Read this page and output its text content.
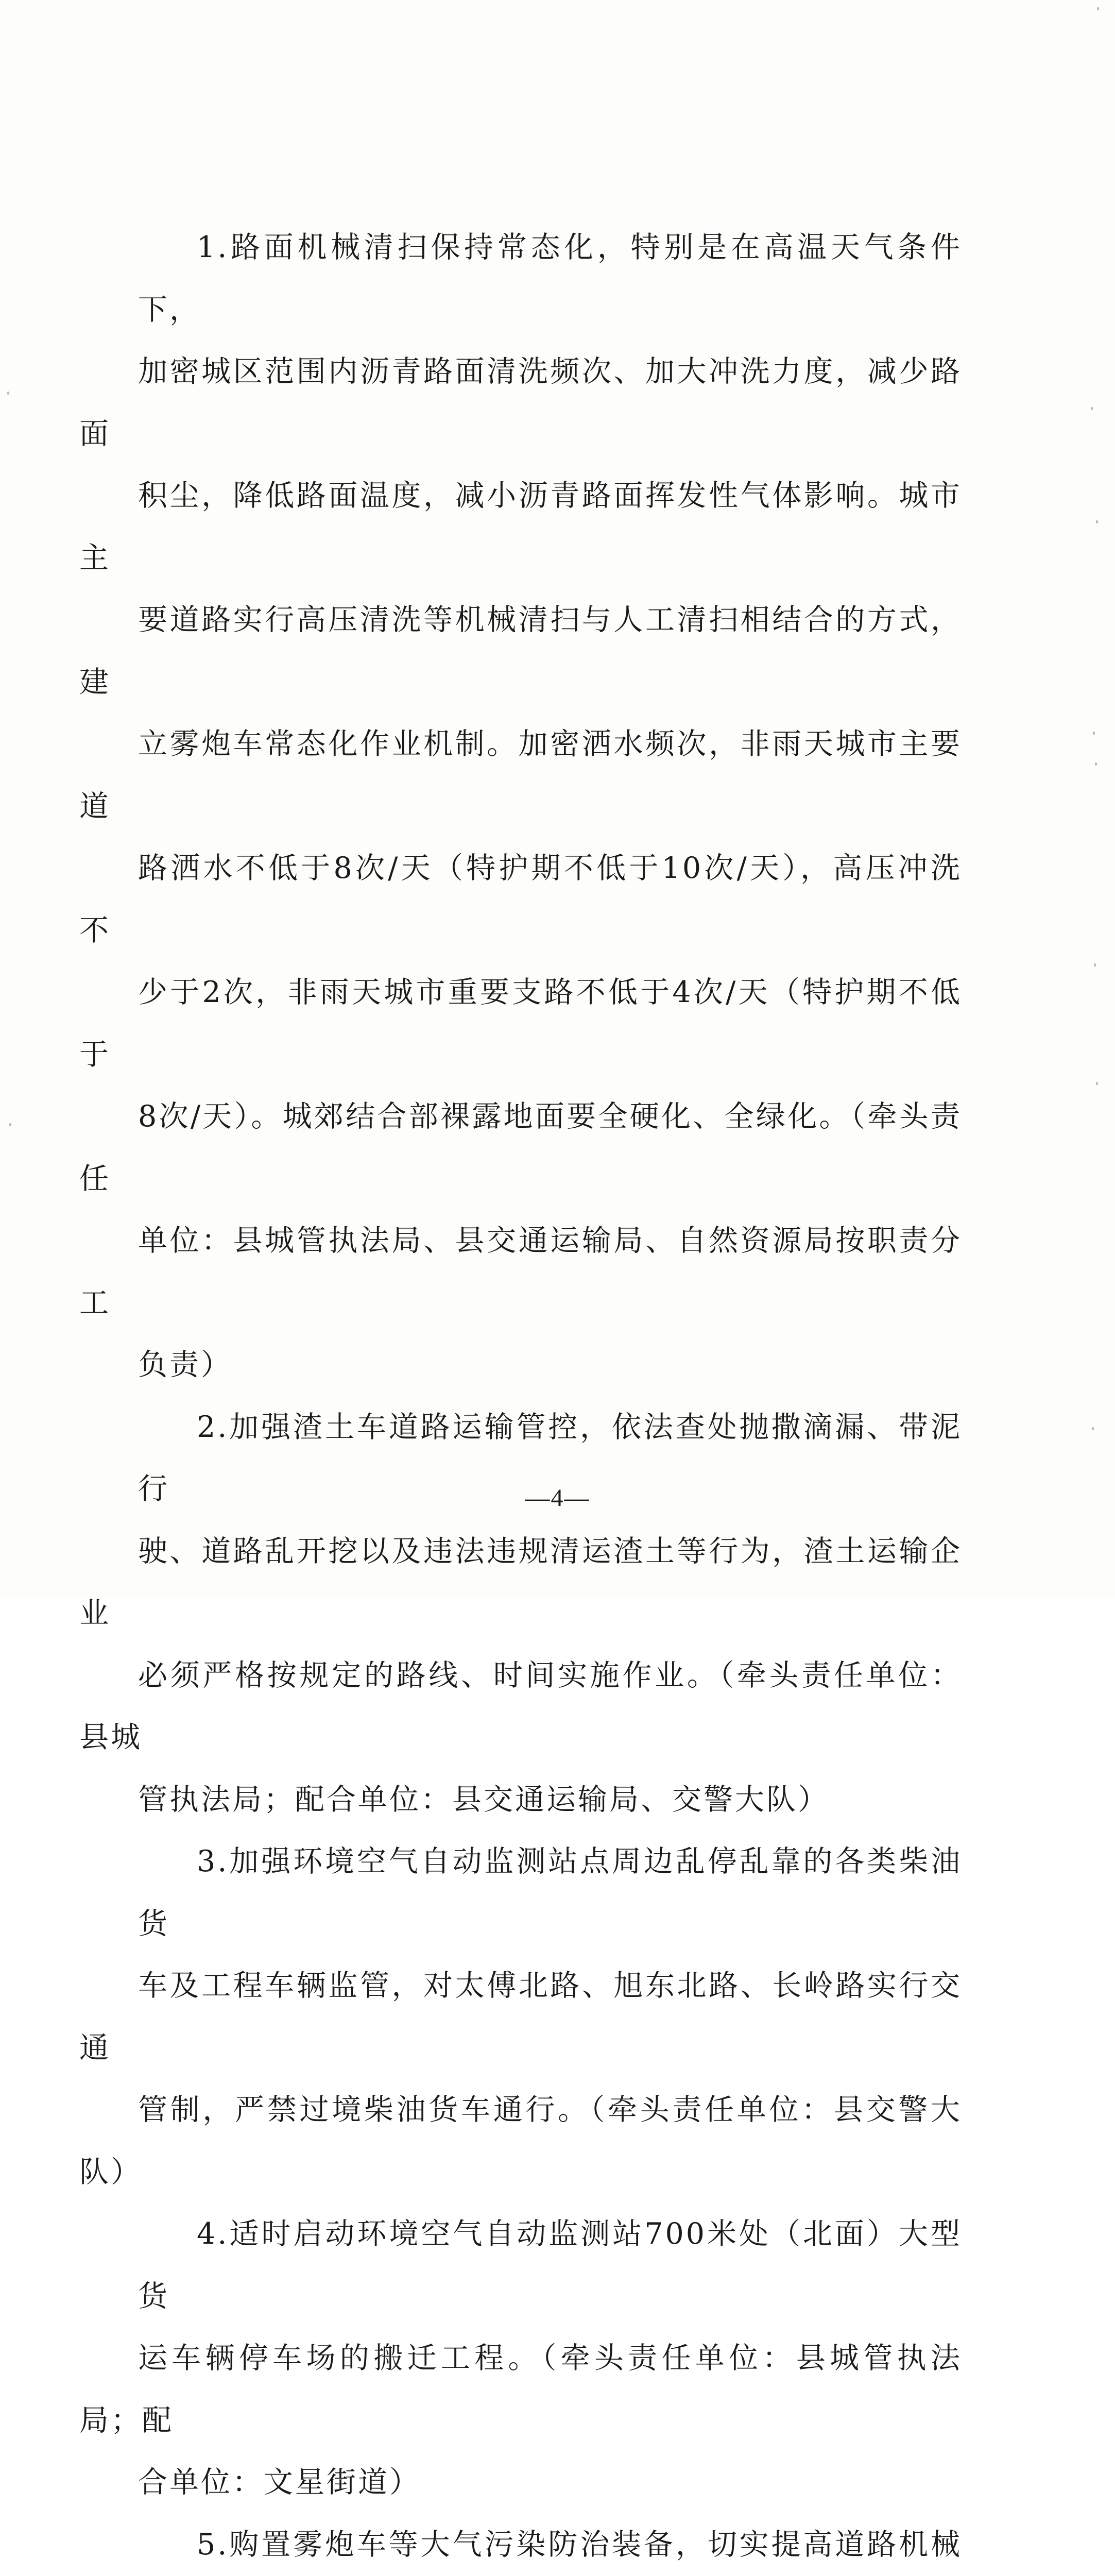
1.路面机械清扫保持常态化，特别是在高温天气条件下，
加密城区范围内沥青路面清洗频次、加大冲洗力度，减少路面
积尘，降低路面温度，减小沥青路面挥发性气体影响。城市主
要道路实行高压清洗等机械清扫与人工清扫相结合的方式，建
立雾炮车常态化作业机制。加密洒水频次，非雨天城市主要道
路洒水不低于8次/天（特护期不低于10次/天），高压冲洗不
少于2次，非雨天城市重要支路不低于4次/天（特护期不低于
8次/天）。城郊结合部裸露地面要全硬化、全绿化。（牵头责任
单位：县城管执法局、县交通运输局、自然资源局按职责分工
负责）

2.加强渣土车道路运输管控，依法查处抛撒滴漏、带泥行
驶、道路乱开挖以及违法违规清运渣土等行为，渣土运输企业
必须严格按规定的路线、时间实施作业。（牵头责任单位：县城
管执法局；配合单位：县交通运输局、交警大队）

3.加强环境空气自动监测站点周边乱停乱靠的各类柴油货
车及工程车辆监管，对太傅北路、旭东北路、长岭路实行交通
管制，严禁过境柴油货车通行。（牵头责任单位：县交警大队）

4.适时启动环境空气自动监测站700米处（北面）大型货
运车辆停车场的搬迁工程。（牵头责任单位：县城管执法局；配
合单位：文星街道）

5.购置雾炮车等大气污染防治装备，切实提高道路机械

—4—
